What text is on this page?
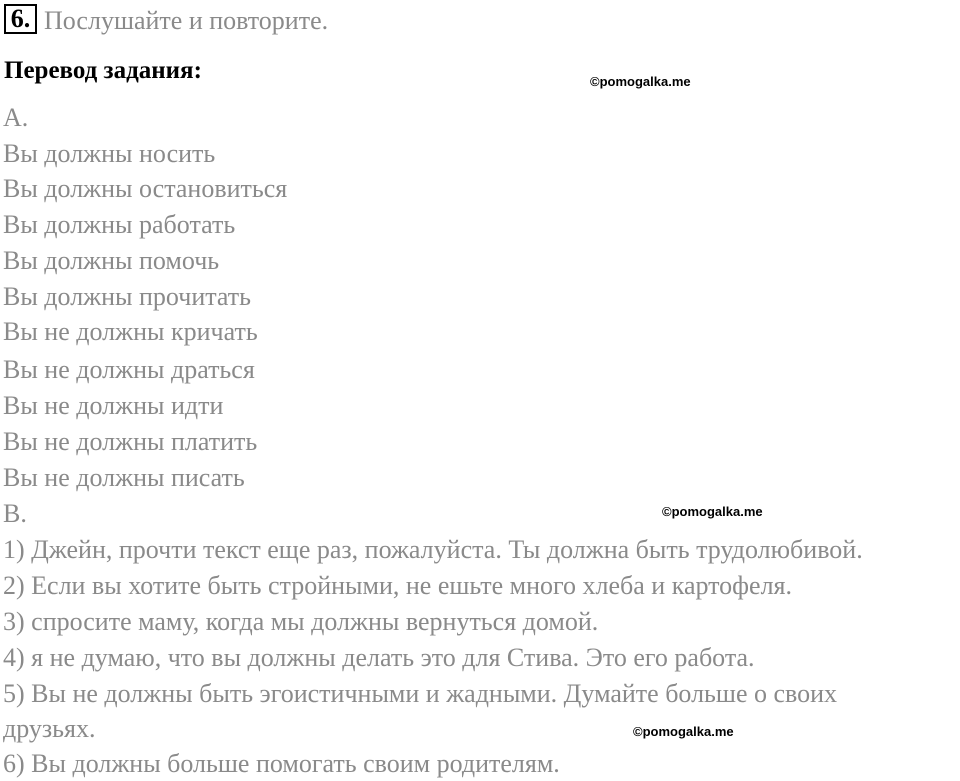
6. Послушайте и повторите.
Перевод задания:	©pomogalka.me
А.
Вы должны носить
Вы должны остановиться
Вы должны работать
Вы должны помочь
Вы должны прочитать
Вы не должны кричать
Вы не должны драться
Вы не должны идти
Вы не должны платить
Вы не должны писать
В.	©pomogalka.me
1) Джейн, прочти текст еще раз, пожалуйста. Ты должна быть трудолюбивой.
2) Если вы хотите быть стройными, не ешьте много хлеба и картофеля.
3) спросите маму, когда мы должны вернуться домой.
4) я не думаю, что вы должны делать это для Стива. Это его работа.
5) Вы не должны быть эгоистичными и жадными. Думайте больше о своих
друзьях.	©pomogalka.me
6) Вы должны больше помогать своим родителям.
